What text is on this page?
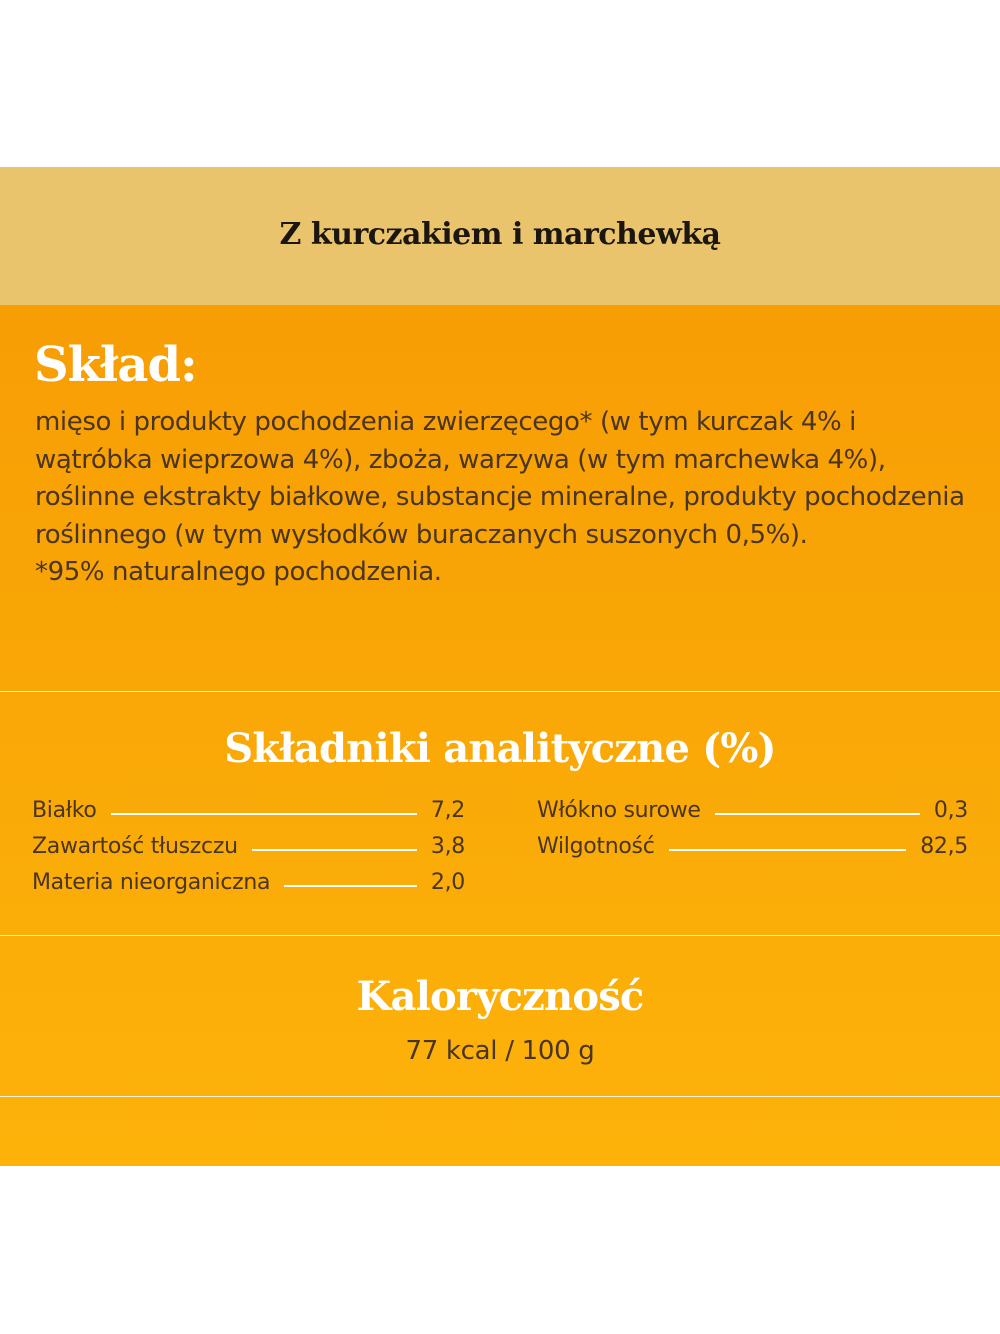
Z kurczakiem i marchewką
Skład:

mięso i produkty pochodzenia zwierzęcego* (w tym kurczak 4% i wątróbka wieprzowa 4%), zboża, warzywa (w tym marchewka 4%), roślinne ekstrakty białkowe, substancje mineralne, produkty pochodzenia roślinnego (w tym wysłodków buraczanych suszonych 0,5%).

*95% naturalnego pochodzenia.

Składniki analityczne (%)
Białko	7,2
Zawartość tłuszczu	3,8
Materia nieorganiczna	2,0
Włókno surowe	0,3
Wilgotność	82,5
Kaloryczność
77 kcal / 100 g
